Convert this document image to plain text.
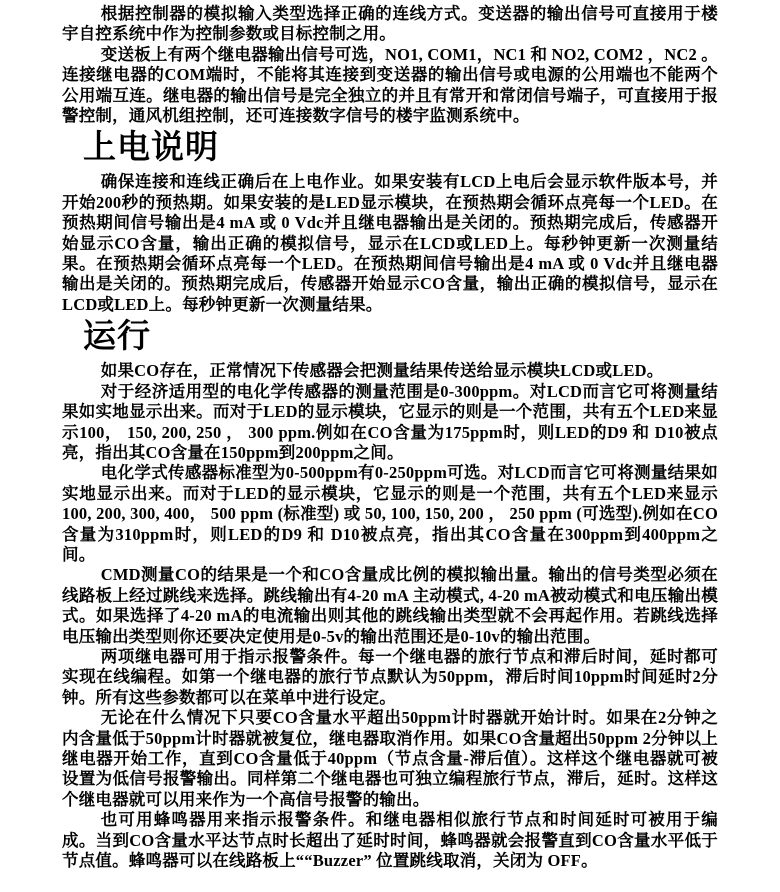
根据控制器的模拟输入类型选择正确的连线方式。变送器的输出信号可直接用于楼宇自控系统中作为控制参数或目标控制之用。

变送板上有两个继电器输出信号可选，NO1, COM1，NC1 和 NO2, COM2 ，NC2 。连接继电器的COM端时，不能将其连接到变送器的输出信号或电源的公用端也不能两个公用端互连。继电器的输出信号是完全独立的并且有常开和常闭信号端子，可直接用于报警控制，通风机组控制，还可连接数字信号的楼宇监测系统中。

上电说明

确保连接和连线正确后在上电作业。如果安装有LCD上电后会显示软件版本号，并开始200秒的预热期。如果安装的是LED显示模块，在预热期会循环点亮每一个LED。在预热期间信号输出是4 mA 或 0 Vdc并且继电器输出是关闭的。预热期完成后，传感器开始显示CO含量，输出正确的模拟信号，显示在LCD或LED上。每秒钟更新一次测量结果。在预热期会循环点亮每一个LED。在预热期间信号输出是4 mA 或 0 Vdc并且继电器输出是关闭的。预热期完成后，传感器开始显示CO含量，输出正确的模拟信号，显示在LCD或LED上。每秒钟更新一次测量结果。

运行

如果CO存在，正常情况下传感器会把测量结果传送给显示模块LCD或LED。

对于经济适用型的电化学传感器的测量范围是0-300ppm。对LCD而言它可将测量结果如实地显示出来。而对于LED的显示模块，它显示的则是一个范围，共有五个LED来显示100， 150, 200, 250 ， 300 ppm.例如在CO含量为175ppm时，则LED的D9 和 D10被点亮，指出其CO含量在150ppm到200ppm之间。

电化学式传感器标准型为0-500ppm有0-250ppm可选。对LCD而言它可将测量结果如实地显示出来。而对于LED的显示模块，它显示的则是一个范围，共有五个LED来显示100, 200, 300, 400， 500 ppm (标准型) 或 50, 100, 150, 200 ， 250 ppm (可选型).例如在CO含量为310ppm时，则LED的D9 和 D10被点亮，指出其CO含量在300ppm到400ppm之间。

CMD测量CO的结果是一个和CO含量成比例的模拟输出量。输出的信号类型必须在线路板上经过跳线来选择。跳线输出有4-20 mA 主动模式, 4-20 mA被动模式和电压输出模式。如果选择了4-20 mA的电流输出则其他的跳线输出类型就不会再起作用。若跳线选择电压输出类型则你还要决定使用是0-5v的输出范围还是0-10v的输出范围。

两项继电器可用于指示报警条件。每一个继电器的旅行节点和滞后时间，延时都可实现在线编程。如第一个继电器的旅行节点默认为50ppm，滞后时间10ppm时间延时2分钟。所有这些参数都可以在菜单中进行设定。

无论在什么情况下只要CO含量水平超出50ppm计时器就开始计时。如果在2分钟之内含量低于50ppm计时器就被复位，继电器取消作用。如果CO含量超出50ppm 2分钟以上继电器开始工作，直到CO含量低于40ppm（节点含量-滞后值）。这样这个继电器就可被设置为低信号报警输出。同样第二个继电器也可独立编程旅行节点，滞后，延时。这样这个继电器就可以用来作为一个高信号报警的输出。

也可用蜂鸣器用来指示报警条件。和继电器相似旅行节点和时间延时可被用于编成。当到CO含量水平达节点时长超出了延时时间，蜂鸣器就会报警直到CO含量水平低于节点值。蜂鸣器可以在线路板上““Buzzer” 位置跳线取消，关闭为 OFF。
